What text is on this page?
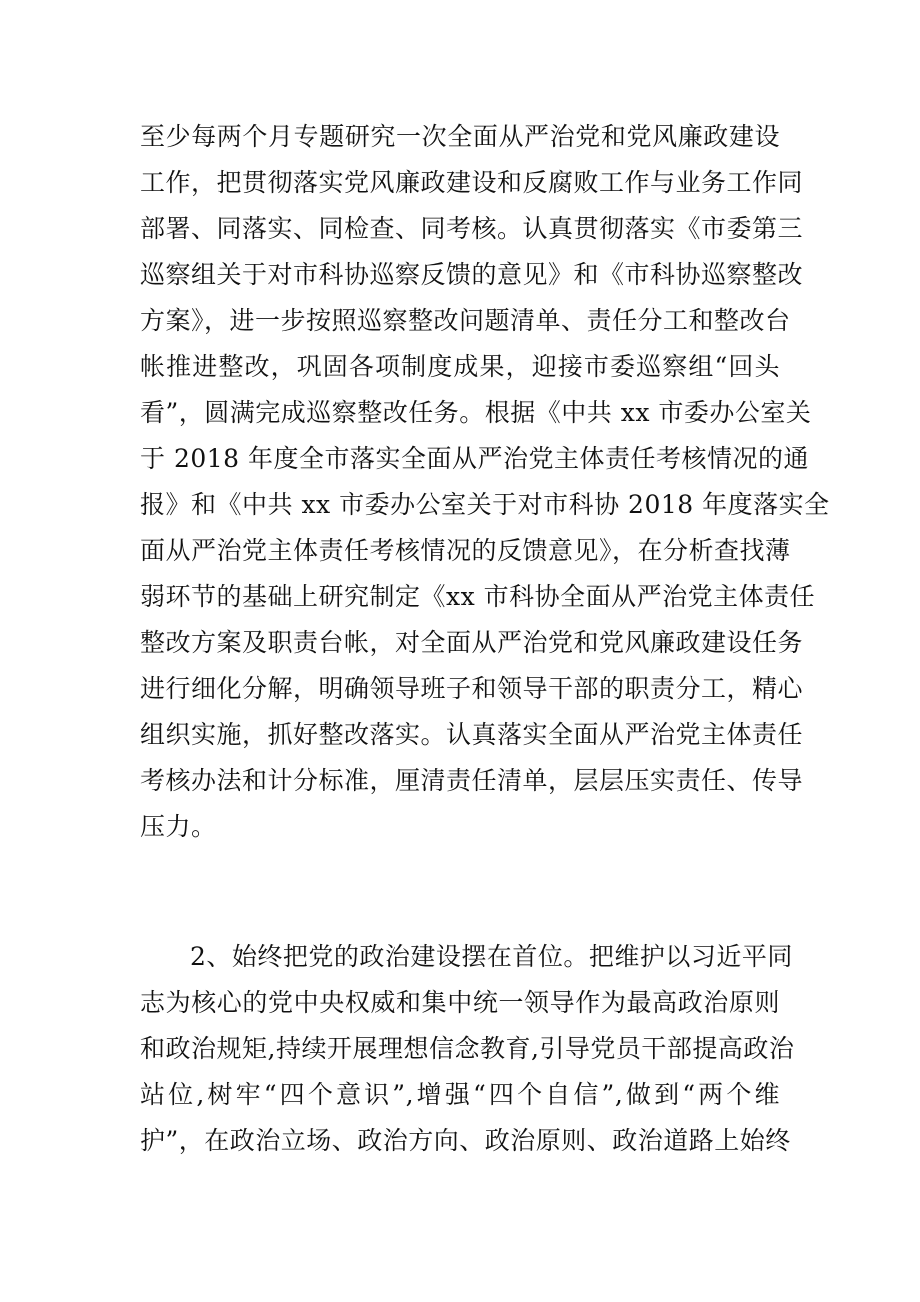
至少每两个月专题研究一次全面从严治党和党风廉政建设
工作，把贯彻落实党风廉政建设和反腐败工作与业务工作同
部署、同落实、同检查、同考核。认真贯彻落实《市委第三
巡察组关于对市科协巡察反馈的意见》和《市科协巡察整改
方案》，进一步按照巡察整改问题清单、责任分工和整改台
帐推进整改，巩固各项制度成果，迎接市委巡察组“回头
看”，圆满完成巡察整改任务。根据《中共 xx 市委办公室关
于 2018 年度全市落实全面从严治党主体责任考核情况的通
报》和《中共 xx 市委办公室关于对市科协 2018 年度落实全
面从严治党主体责任考核情况的反馈意见》，在分析查找薄
弱环节的基础上研究制定《xx 市科协全面从严治党主体责任
整改方案及职责台帐，对全面从严治党和党风廉政建设任务
进行细化分解，明确领导班子和领导干部的职责分工，精心
组织实施，抓好整改落实。认真落实全面从严治党主体责任
考核办法和计分标准，厘清责任清单，层层压实责任、传导
压力。
2、始终把党的政治建设摆在首位。把维护以习近平同
志为核心的党中央权威和集中统一领导作为最高政治原则
和政治规矩,持续开展理想信念教育,引导党员干部提高政治
站位,树牢“四个意识”,增强“四个自信”,做到“两个维
护”，在政治立场、政治方向、政治原则、政治道路上始终
